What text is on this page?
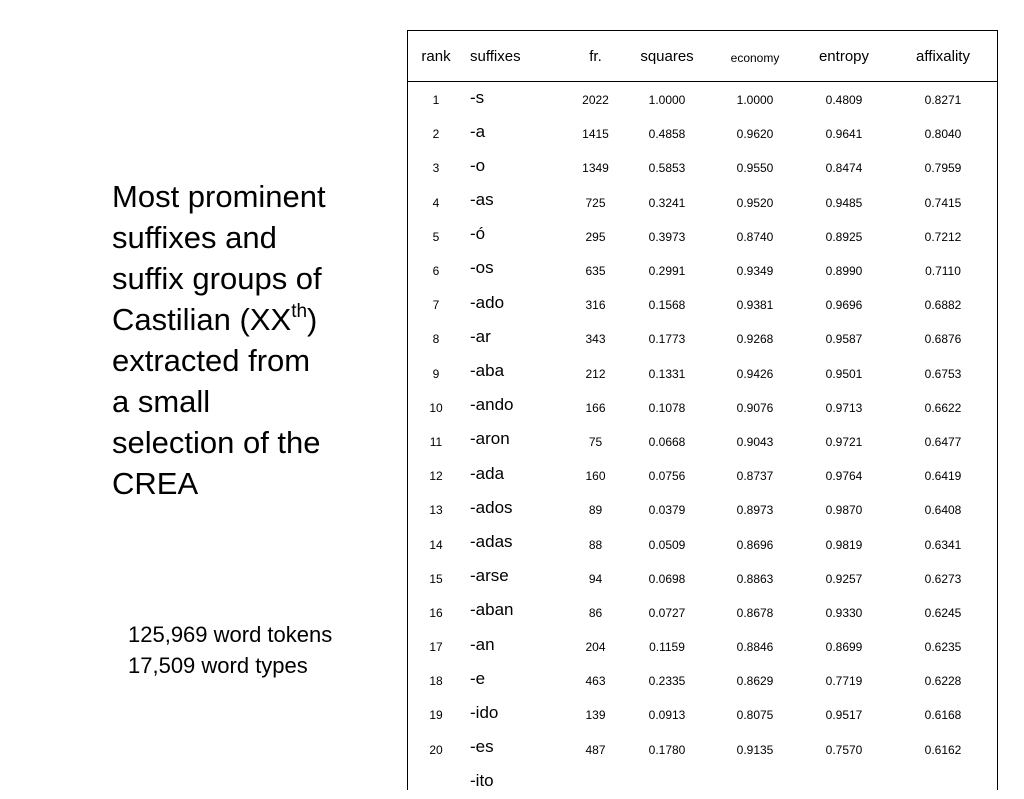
Most prominent
suffixes and
suffix groups of
Castilian (XXth)
extracted from
a small
selection of the
CREA
125,969 word tokens
17,509 word types
rank	suffixes	fr.	squares	economy	entropy	affixality
1	-s	2022	1.0000	1.0000	0.4809	0.8271
2	-a	1415	0.4858	0.9620	0.9641	0.8040
3	-o	1349	0.5853	0.9550	0.8474	0.7959
4	-as	725	0.3241	0.9520	0.9485	0.7415
5	-ó	295	0.3973	0.8740	0.8925	0.7212
6	-os	635	0.2991	0.9349	0.8990	0.7110
7	-ado	316	0.1568	0.9381	0.9696	0.6882
8	-ar	343	0.1773	0.9268	0.9587	0.6876
9	-aba	212	0.1331	0.9426	0.9501	0.6753
10	-ando	166	0.1078	0.9076	0.9713	0.6622
11	-aron	75	0.0668	0.9043	0.9721	0.6477
12	-ada	160	0.0756	0.8737	0.9764	0.6419
13	-ados	89	0.0379	0.8973	0.9870	0.6408
14	-adas	88	0.0509	0.8696	0.9819	0.6341
15	-arse	94	0.0698	0.8863	0.9257	0.6273
16	-aban	86	0.0727	0.8678	0.9330	0.6245
17	-an	204	0.1159	0.8846	0.8699	0.6235
18	-e	463	0.2335	0.8629	0.7719	0.6228
19	-ido	139	0.0913	0.8075	0.9517	0.6168
20	-es	487	0.1780	0.9135	0.7570	0.6162
	-ito					
